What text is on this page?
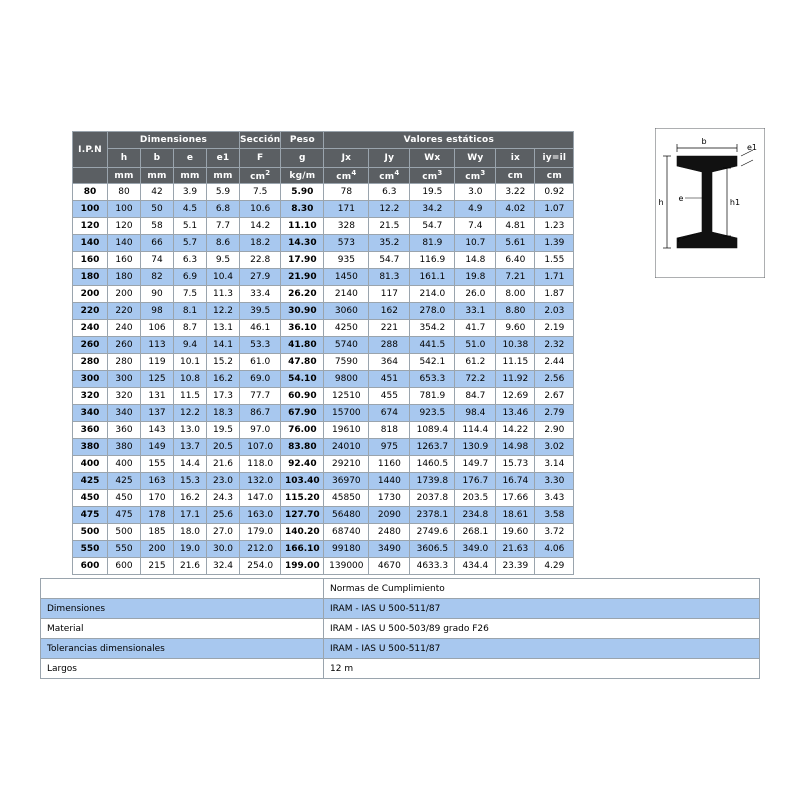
I.P.N	Dimensiones				Sección	Peso	Valores estáticos					
	h	b	e	e1	F	g	Jx	Jy	Wx	Wy	ix	iy=il
	mm	mm	mm	mm	$cm^2$	kg/m	$cm^4$	$cm^4$	$cm^3$	$cm^3$	cm	cm
80	80	42	3.9	5.9	7.5	5.90	78	6.3	19.5	3.0	3.22	0.92
100	100	50	4.5	6.8	10.6	8.30	171	12.2	34.2	4.9	4.02	1.07
120	120	58	5.1	7.7	14.2	11.10	328	21.5	54.7	7.4	4.81	1.23
140	140	66	5.7	8.6	18.2	14.30	573	35.2	81.9	10.7	5.61	1.39
160	160	74	6.3	9.5	22.8	17.90	935	54.7	116.9	14.8	6.40	1.55
180	180	82	6.9	10.4	27.9	21.90	1450	81.3	161.1	19.8	7.21	1.71
200	200	90	7.5	11.3	33.4	26.20	2140	117	214.0	26.0	8.00	1.87
220	220	98	8.1	12.2	39.5	30.90	3060	162	278.0	33.1	8.80	2.03
240	240	106	8.7	13.1	46.1	36.10	4250	221	354.2	41.7	9.60	2.19
260	260	113	9.4	14.1	53.3	41.80	5740	288	441.5	51.0	10.38	2.32
280	280	119	10.1	15.2	61.0	47.80	7590	364	542.1	61.2	11.15	2.44
300	300	125	10.8	16.2	69.0	54.10	9800	451	653.3	72.2	11.92	2.56
320	320	131	11.5	17.3	77.7	60.90	12510	455	781.9	84.7	12.69	2.67
340	340	137	12.2	18.3	86.7	67.90	15700	674	923.5	98.4	13.46	2.79
360	360	143	13.0	19.5	97.0	76.00	19610	818	1089.4	114.4	14.22	2.90
380	380	149	13.7	20.5	107.0	83.80	24010	975	1263.7	130.9	14.98	3.02
400	400	155	14.4	21.6	118.0	92.40	29210	1160	1460.5	149.7	15.73	3.14
425	425	163	15.3	23.0	132.0	103.40	36970	1440	1739.8	176.7	16.74	3.30
450	450	170	16.2	24.3	147.0	115.20	45850	1730	2037.8	203.5	17.66	3.43
475	475	178	17.1	25.6	163.0	127.70	56480	2090	2378.1	234.8	18.61	3.58
500	500	185	18.0	27.0	179.0	140.20	68740	2480	2749.6	268.1	19.60	3.72
550	550	200	19.0	30.0	212.0	166.10	99180	3490	3606.5	349.0	21.63	4.06
600	600	215	21.6	32.4	254.0	199.00	139000	4670	4633.3	434.4	23.39	4.29
	Normas de Cumplimiento
Dimensiones	IRAM - IAS U 500-511/87
Material	IRAM - IAS U 500-503/89 grado F26
Tolerancias dimensionales	IRAM - IAS U 500-511/87
Largos	12 m
b
e1
e
h	h1
r
